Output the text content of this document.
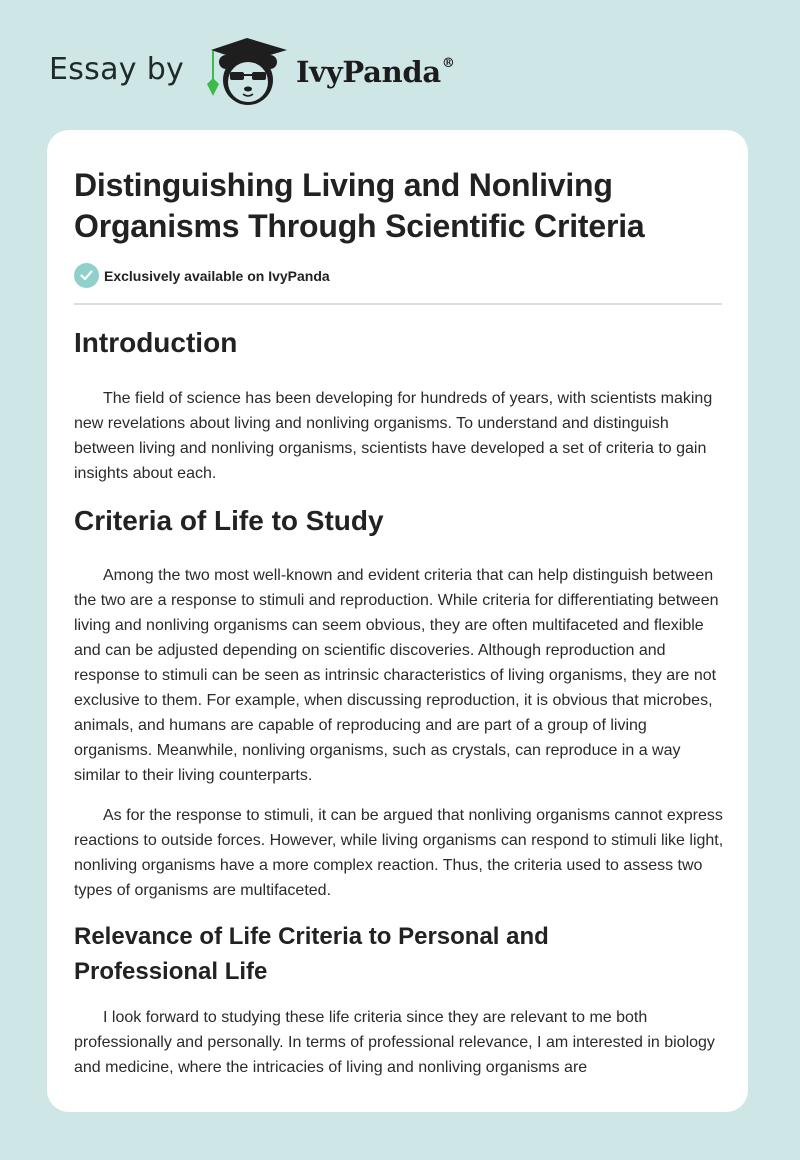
Essay by	IvyPanda®
Distinguishing Living and Nonliving Organisms Through Scientific Criteria
Exclusively available on IvyPanda
Introduction

The field of science has been developing for hundreds of years, with scientists making new revelations about living and nonliving organisms. To understand and distinguish between living and nonliving organisms, scientists have developed a set of criteria to gain insights about each.

Criteria of Life to Study

Among the two most well-known and evident criteria that can help distinguish between the two are a response to stimuli and reproduction. While criteria for differentiating between living and nonliving organisms can seem obvious, they are often multifaceted and flexible and can be adjusted depending on scientific discoveries. Although reproduction and response to stimuli can be seen as intrinsic characteristics of living organisms, they are not exclusive to them. For example, when discussing reproduction, it is obvious that microbes, animals, and humans are capable of reproducing and are part of a group of living organisms. Meanwhile, nonliving organisms, such as crystals, can reproduce in a way similar to their living counterparts.

As for the response to stimuli, it can be argued that nonliving organisms cannot express reactions to outside forces. However, while living organisms can respond to stimuli like light, nonliving organisms have a more complex reaction. Thus, the criteria used to assess two types of organisms are multifaceted.

Relevance of Life Criteria to Personal and Professional Life

I look forward to studying these life criteria since they are relevant to me both professionally and personally. In terms of professional relevance, I am interested in biology and medicine, where the intricacies of living and nonliving organisms are
